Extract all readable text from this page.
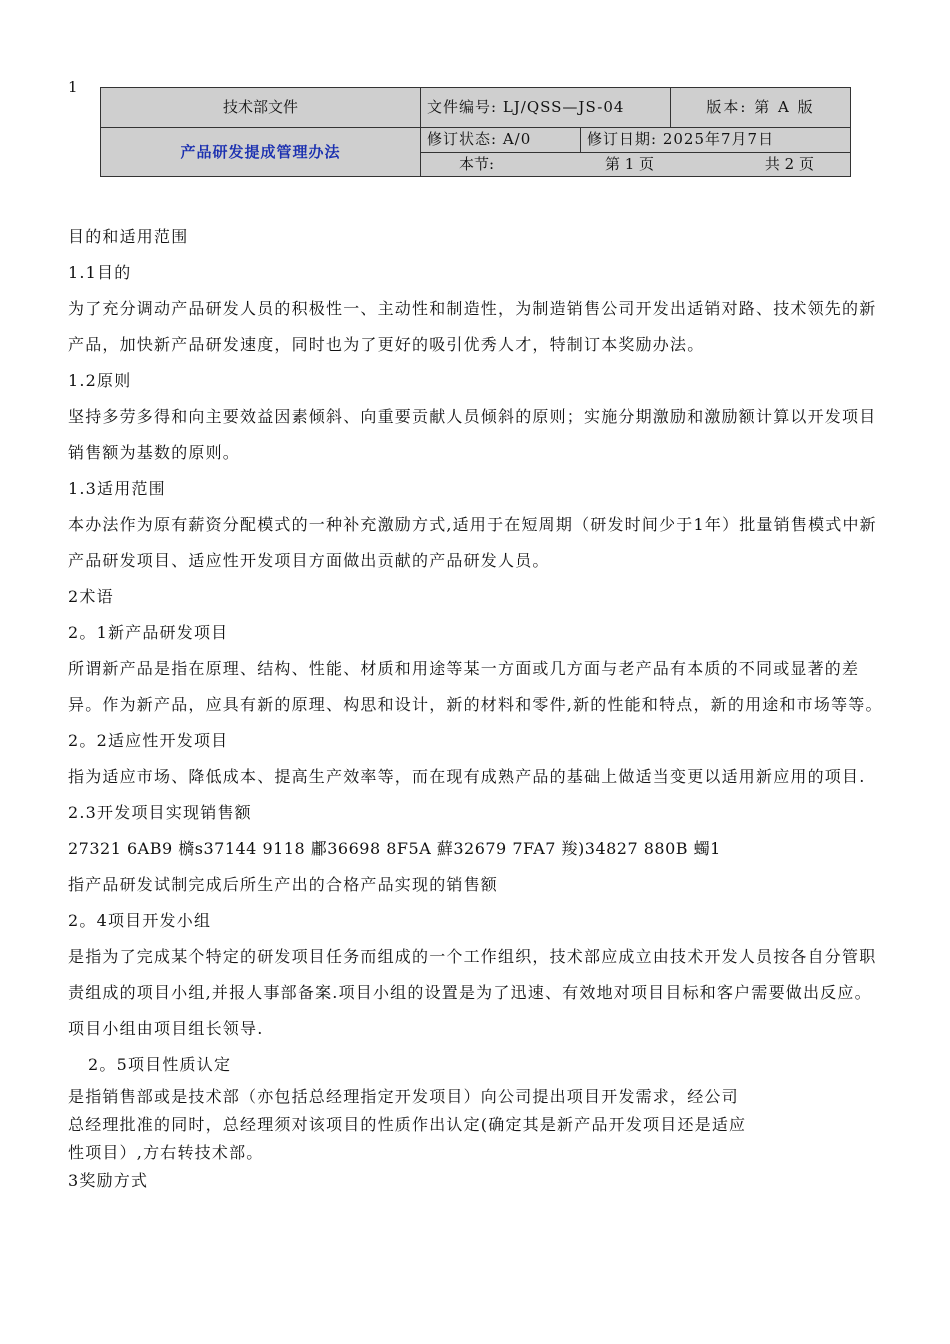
1
技术部文件	文件编号: LJ/QSS—JS-04		版本: 第 A 版
产品研发提成管理办法	修订状态: A/0	修订日期: 2025年7月7日	

	本节: 第 1 页 共 2 页		

目的和适用范围

1.1目的

为了充分调动产品研发人员的积极性一、主动性和制造性，为制造销售公司开发出适销对路、技术领先的新产品，加快新产品研发速度，同时也为了更好的吸引优秀人才，特制订本奖励办法。

1.2原则

坚持多劳多得和向主要效益因素倾斜、向重要贡献人员倾斜的原则；实施分期激励和激励额计算以开发项目销售额为基数的原则。

1.3适用范围

本办法作为原有薪资分配模式的一种补充激励方式,适用于在短周期（研发时间少于1年）批量销售模式中新产品研发项目、适应性开发项目方面做出贡献的产品研发人员。

2术语

2。1新产品研发项目

所谓新产品是指在原理、结构、性能、材质和用途等某一方面或几方面与老产品有本质的不同或显著的差异。作为新产品，应具有新的原理、构思和设计，新的材料和零件,新的性能和特点，新的用途和市场等等。

2。2适应性开发项目

指为适应市场、降低成本、提高生产效率等，而在现有成熟产品的基础上做适当变更以适用新应用的项目.

2.3开发项目实现销售额

27321 6AB9 檹s37144 9118 鄘36698 8F5A 蘚32679 7FA7 羧)34827 880B 蠋1

指产品研发试制完成后所生产出的合格产品实现的销售额

2。4项目开发小组

是指为了完成某个特定的研发项目任务而组成的一个工作组织，技术部应成立由技术开发人员按各自分管职责组成的项目小组,并报人事部备案.项目小组的设置是为了迅速、有效地对项目目标和客户需要做出反应。项目小组由项目组长领导.

2。5项目性质认定

是指销售部或是技术部（亦包括总经理指定开发项目）向公司提出项目开发需求，经公司

总经理批准的同时，总经理须对该项目的性质作出认定(确定其是新产品开发项目还是适应

性项目）,方右转技术部。

3奖励方式
